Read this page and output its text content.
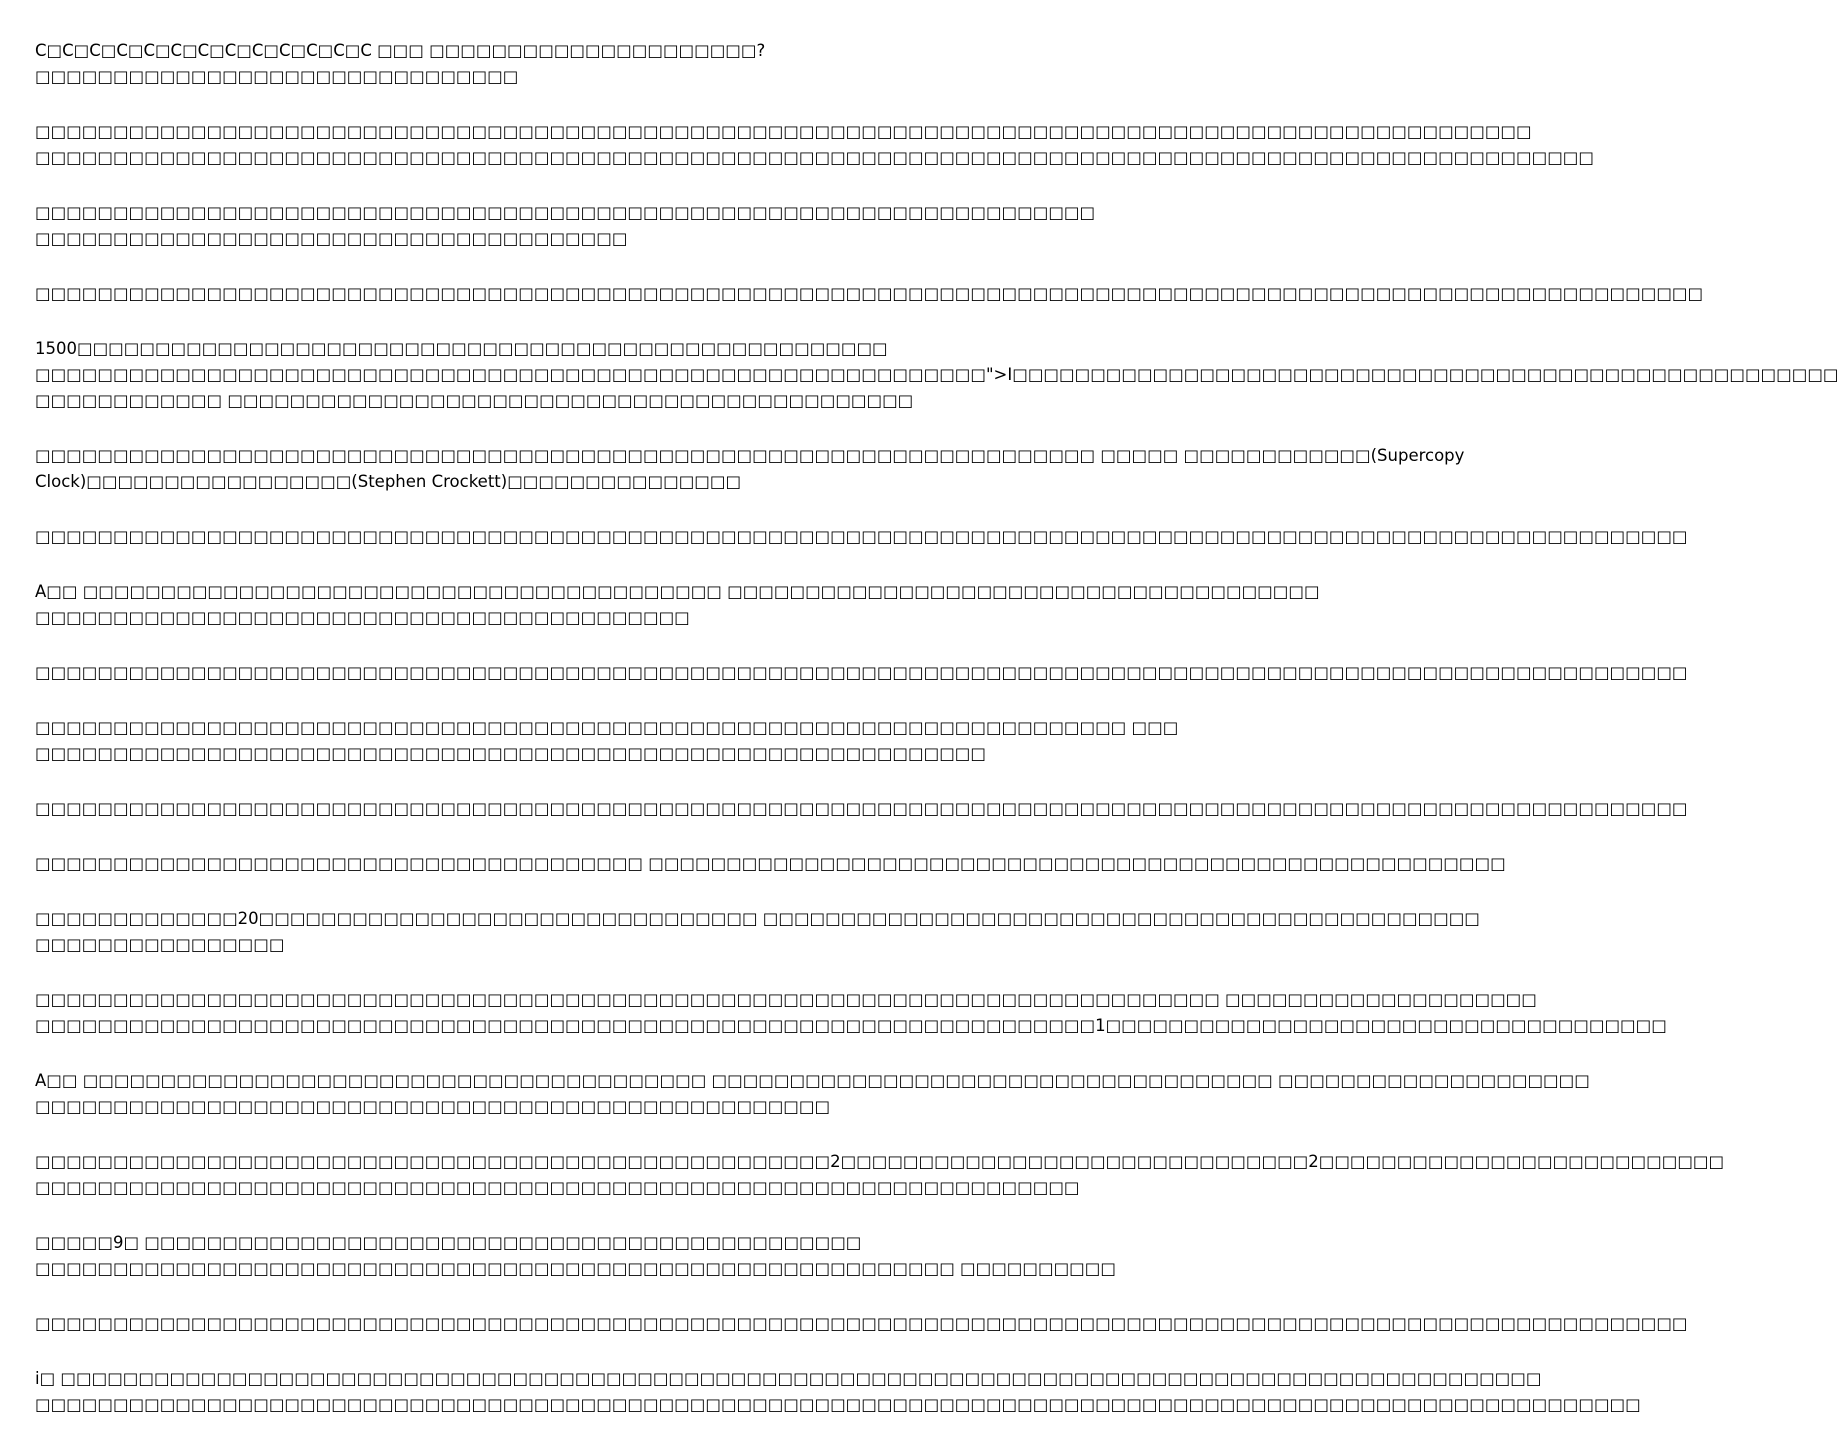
C□C□C□C□C□C□C□C□C□C□C□C□C □□□ □□□□□□□□□□□□□□□□□□□□□?
□□□□□□□□□□□□□□□□□□□□□□□□□□□□□□□
□□□□□□□□□□□□□□□□□□□□□□□□□□□□□□□□□□□□□□□□□□□□□□□□□□□□□□□□□□□□□□□□□□□□□□□□□□□□□□□□□□□□□□□□□□□□□□□□
□□□□□□□□□□□□□□□□□□□□□□□□□□□□□□□□□□□□□□□□□□□□□□□□□□□□□□□□□□□□□□□□□□□□□□□□□□□□□□□□□□□□□□□□□□□□□□□□□□□□
□□□□□□□□□□□□□□□□□□□□□□□□□□□□□□□□□□□□□□□□□□□□□□□□□□□□□□□□□□□□□□□□□□□□
□□□□□□□□□□□□□□□□□□□□□□□□□□□□□□□□□□□□□□
□□□□□□□□□□□□□□□□□□□□□□□□□□□□□□□□□□□□□□□□□□□□□□□□□□□□□□□□□□□□□□□□□□□□□□□□□□□□□□□□□□□□□□□□□□□□□□□□□□□□□□□□□□□
1500□□□□□□□□□□□□□□□□□□□□□□□□□□□□□□□□□□□□□□□□□□□□□□□□□□□□
□□□□□□□□□□□□□□□□□□□□□□□□□□□□□□□□□□□□□□□□□□□□□□□□□□□□□□□□□□□□□">I□□□□□□□□□□□□□□□□□□□□□□□□□□□□□□□□□□□□□□□□□□□□□□□□□□□□□
□□□□□□□□□□□□ □□□□□□□□□□□□□□□□□□□□□□□□□□□□□□□□□□□□□□□□□□□□
□□□□□□□□□□□□□□□□□□□□□□□□□□□□□□□□□□□□□□□□□□□□□□□□□□□□□□□□□□□□□□□□□□□□ □□□□□ □□□□□□□□□□□□(Supercopy
Clock)□□□□□□□□□□□□□□□□□(Stephen Crockett)□□□□□□□□□□□□□□□
□□□□□□□□□□□□□□□□□□□□□□□□□□□□□□□□□□□□□□□□□□□□□□□□□□□□□□□□□□□□□□□□□□□□□□□□□□□□□□□□□□□□□□□□□□□□□□□□□□□□□□□□□□
A□□ □□□□□□□□□□□□□□□□□□□□□□□□□□□□□□□□□□□□□□□□□ □□□□□□□□□□□□□□□□□□□□□□□□□□□□□□□□□□□□□□
□□□□□□□□□□□□□□□□□□□□□□□□□□□□□□□□□□□□□□□□□□
□□□□□□□□□□□□□□□□□□□□□□□□□□□□□□□□□□□□□□□□□□□□□□□□□□□□□□□□□□□□□□□□□□□□□□□□□□□□□□□□□□□□□□□□□□□□□□□□□□□□□□□□□□
□□□□□□□□□□□□□□□□□□□□□□□□□□□□□□□□□□□□□□□□□□□□□□□□□□□□□□□□□□□□□□□□□□□□□□ □□□
□□□□□□□□□□□□□□□□□□□□□□□□□□□□□□□□□□□□□□□□□□□□□□□□□□□□□□□□□□□□□
□□□□□□□□□□□□□□□□□□□□□□□□□□□□□□□□□□□□□□□□□□□□□□□□□□□□□□□□□□□□□□□□□□□□□□□□□□□□□□□□□□□□□□□□□□□□□□□□□□□□□□□□□□
□□□□□□□□□□□□□□□□□□□□□□□□□□□□□□□□□□□□□□□ □□□□□□□□□□□□□□□□□□□□□□□□□□□□□□□□□□□□□□□□□□□□□□□□□□□□□□□
□□□□□□□□□□□□□20□□□□□□□□□□□□□□□□□□□□□□□□□□□□□□□□ □□□□□□□□□□□□□□□□□□□□□□□□□□□□□□□□□□□□□□□□□□□□□□
□□□□□□□□□□□□□□□□
□□□□□□□□□□□□□□□□□□□□□□□□□□□□□□□□□□□□□□□□□□□□□□□□□□□□□□□□□□□□□□□□□□□□□□□□□□□□ □□□□□□□□□□□□□□□□□□□□
□□□□□□□□□□□□□□□□□□□□□□□□□□□□□□□□□□□□□□□□□□□□□□□□□□□□□□□□□□□□□□□□□□□□1□□□□□□□□□□□□□□□□□□□□□□□□□□□□□□□□□□□□
A□□ □□□□□□□□□□□□□□□□□□□□□□□□□□□□□□□□□□□□□□□□ □□□□□□□□□□□□□□□□□□□□□□□□□□□□□□□□□□□□ □□□□□□□□□□□□□□□□□□□□
□□□□□□□□□□□□□□□□□□□□□□□□□□□□□□□□□□□□□□□□□□□□□□□□□□□
□□□□□□□□□□□□□□□□□□□□□□□□□□□□□□□□□□□□□□□□□□□□□□□□□□□2□□□□□□□□□□□□□□□□□□□□□□□□□□□□□□2□□□□□□□□□□□□□□□□□□□□□□□□□□
□□□□□□□□□□□□□□□□□□□□□□□□□□□□□□□□□□□□□□□□□□□□□□□□□□□□□□□□□□□□□□□□□□□
□□□□□9□ □□□□□□□□□□□□□□□□□□□□□□□□□□□□□□□□□□□□□□□□□□□□□□
□□□□□□□□□□□□□□□□□□□□□□□□□□□□□□□□□□□□□□□□□□□□□□□□□□□□□□□□□□□ □□□□□□□□□□
□□□□□□□□□□□□□□□□□□□□□□□□□□□□□□□□□□□□□□□□□□□□□□□□□□□□□□□□□□□□□□□□□□□□□□□□□□□□□□□□□□□□□□□□□□□□□□□□□□□□□□□□□□
i□ □□□□□□□□□□□□□□□□□□□□□□□□□□□□□□□□□□□□□□□□□□□□□□□□□□□□□□□□□□□□□□□□□□□□□□□□□□□□□□□□□□□□□□□□□□□□□□□
□□□□□□□□□□□□□□□□□□□□□□□□□□□□□□□□□□□□□□□□□□□□□□□□□□□□□□□□□□□□□□□□□□□□□□□□□□□□□□□□□□□□□□□□□□□□□□□□□□□□□□□
